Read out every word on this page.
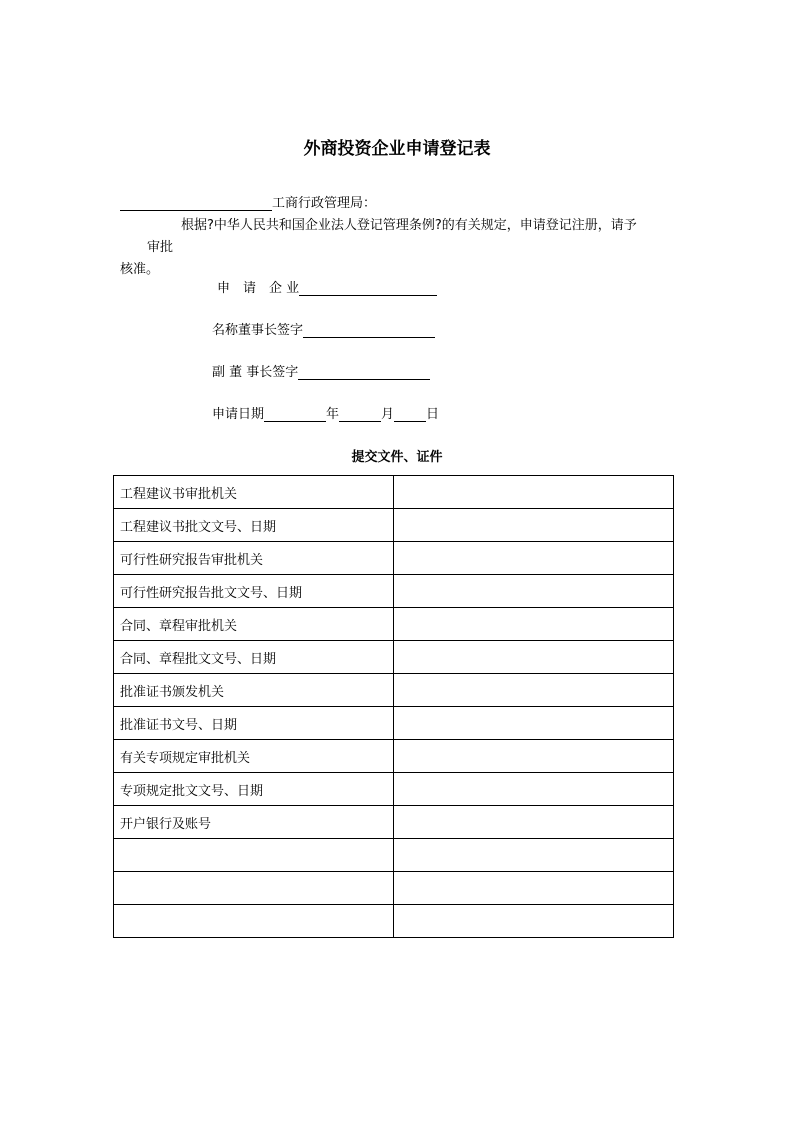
外商投资企业申请登记表
工商行政管理局：
根据?中华人民共和国企业法人登记管理条例?的有关规定，申请登记注册，请予
审批
核准。
申　请　企 业
名称董事长签字
副 董 事长签字
申请日期	年	月 日
提交文件、证件
工程建议书审批机关	
工程建议书批文文号、日期	
可行性研究报告审批机关	
可行性研究报告批文文号、日期	
合同、章程审批机关	
合同、章程批文文号、日期	
批准证书颁发机关	
批准证书文号、日期	
有关专项规定审批机关	
专项规定批文文号、日期	
开户银行及账号	
